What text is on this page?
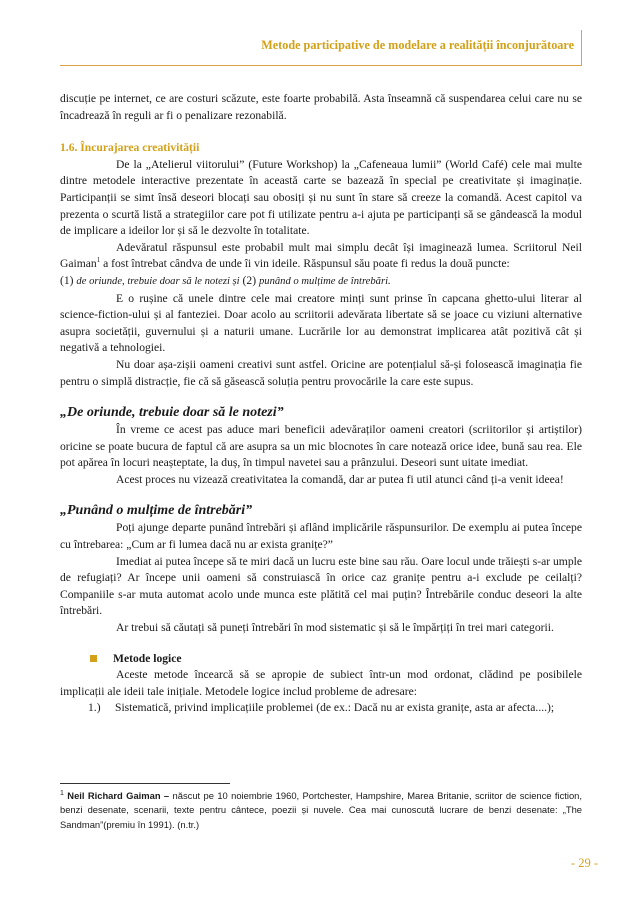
Metode participative de modelare a realității înconjurătoare

discuție pe internet, ce are costuri scăzute, este foarte probabilă. Asta înseamnă că suspendarea celui care nu se încadrează în reguli ar fi o penalizare rezonabilă.

1.6. Încurajarea creativității

De la „Atelierul viitorului” (Future Workshop) la „Cafeneaua lumii” (World Café) cele mai multe dintre metodele interactive prezentate în această carte se bazează în special pe creativitate și imaginație. Participanții se simt însă deseori blocați sau obosiți și nu sunt în stare să creeze la comandă. Acest capitol va prezenta o scurtă listă a strategiilor care pot fi utilizate pentru a-i ajuta pe participanți să se gândească la modul de implicare a ideilor lor și să le dezvolte în totalitate.

Adevăratul răspunsul este probabil mult mai simplu decât își imaginează lumea. Scriitorul Neil Gaiman$^1$ a fost întrebat cândva de unde îi vin ideile. Răspunsul său poate fi redus la două puncte:

(1) de oriunde, trebuie doar să le notezi și (2) punând o mulțime de întrebări.

E o rușine că unele dintre cele mai creatore minți sunt prinse în capcana ghetto-ului literar al science-fiction-ului și al fanteziei. Doar acolo au scriitorii adevărata libertate să se joace cu viziuni alternative asupra societății, guvernului și a naturii umane. Lucrările lor au demonstrat implicarea atât pozitivă cât și negativă a tehnologiei.

Nu doar așa-zișii oameni creativi sunt astfel. Oricine are potențialul să-și folosească imaginația fie pentru o simplă distracție, fie că să găsească soluția pentru provocările la care este supus.

„De oriunde, trebuie doar să le notezi”

În vreme ce acest pas aduce mari beneficii adevăraților oameni creatori (scriitorilor și artiștilor) oricine se poate bucura de faptul că are asupra sa un mic blocnotes în care notează orice idee, bună sau rea. Ele pot apărea în locuri neașteptate, la duș, în timpul navetei sau a prânzului. Deseori sunt uitate imediat.

Acest proces nu vizează creativitatea la comandă, dar ar putea fi util atunci când ți-a venit ideea!

„Punând o mulțime de întrebări”

Poți ajunge departe punând întrebări și aflând implicările răspunsurilor. De exemplu ai putea începe cu întrebarea: „Cum ar fi lumea dacă nu ar exista granițe?”

Imediat ai putea începe să te miri dacă un lucru este bine sau rău. Oare locul unde trăiești s-ar umple de refugiați? Ar începe unii oameni să construiască în orice caz granițe pentru a-i exclude pe ceilalți? Companiile s-ar muta automat acolo unde munca este plătită cel mai puțin? Întrebările conduc deseori la alte întrebări.

Ar trebui să căutați să puneți întrebări în mod sistematic și să le împărțiți în trei mari categorii.

Metode logice

Aceste metode încearcă să se apropie de subiect într-un mod ordonat, clădind pe posibilele implicații ale ideii tale inițiale. Metodele logice includ probleme de adresare:

1.)	Sistematică, privind implicațiile problemei (de ex.: Dacă nu ar exista granițe, asta ar afecta....);
$^1$ Neil Richard Gaiman – născut pe 10 noiembrie 1960, Portchester, Hampshire, Marea Britanie, scriitor de science fiction, benzi desenate, scenarii, texte pentru cântece, poezii și nuvele. Cea mai cunoscută lucrare de benzi desenate: „The Sandman”(premiu în 1991). (n.tr.)
- 29 -
